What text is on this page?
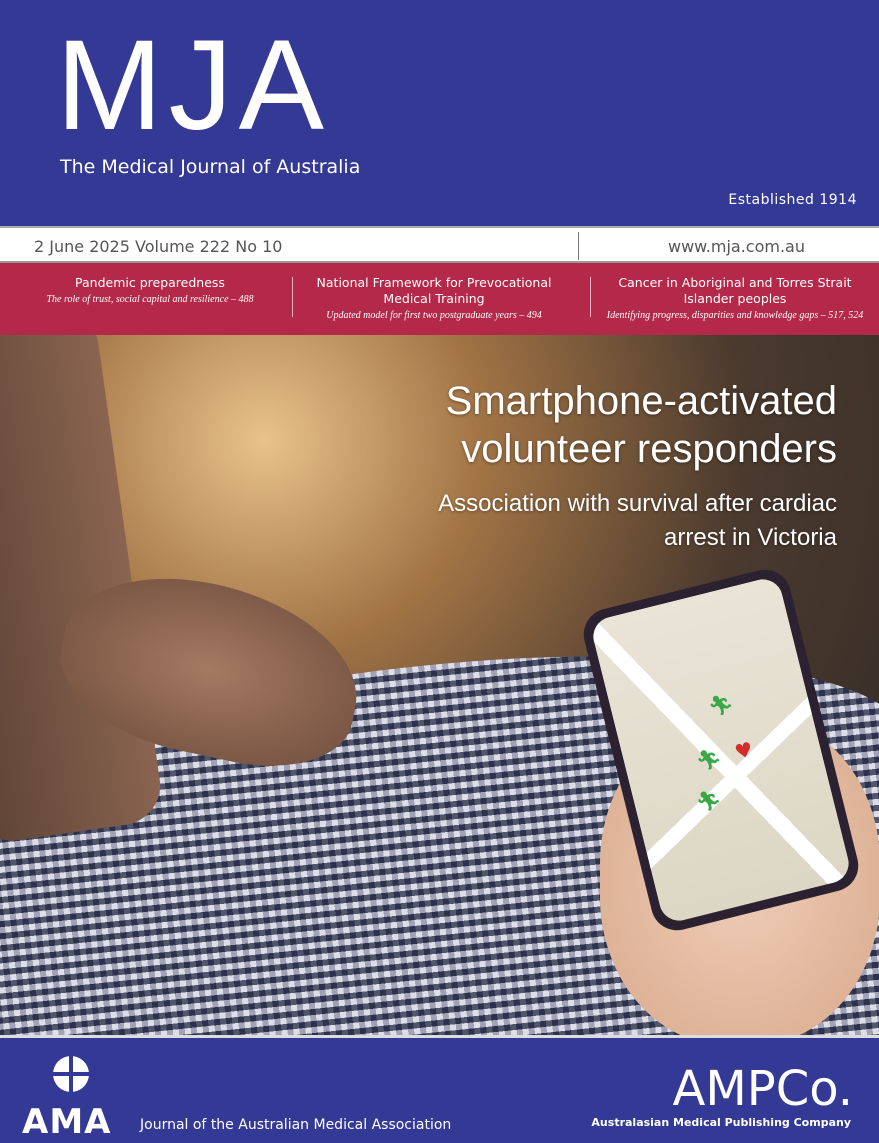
MJA
The Medical Journal of Australia
Established 1914
2 June 2025 Volume 222 No 10	www.mja.com.au
Pandemic preparedness
The role of trust, social capital and resilience – 488
National Framework for Prevocational Medical Training
Updated model for first two postgraduate years – 494
Cancer in Aboriginal and Torres Strait Islander peoples
Identifying progress, disparities and knowledge gaps – 517, 524
🏃︎
🏃︎ ♥
🏃︎
Smartphone-activated volunteer responders
Association with survival after cardiac arrest in Victoria
AMA Journal of the Australian Medical Association
AMPCo.
Australasian Medical Publishing Company
